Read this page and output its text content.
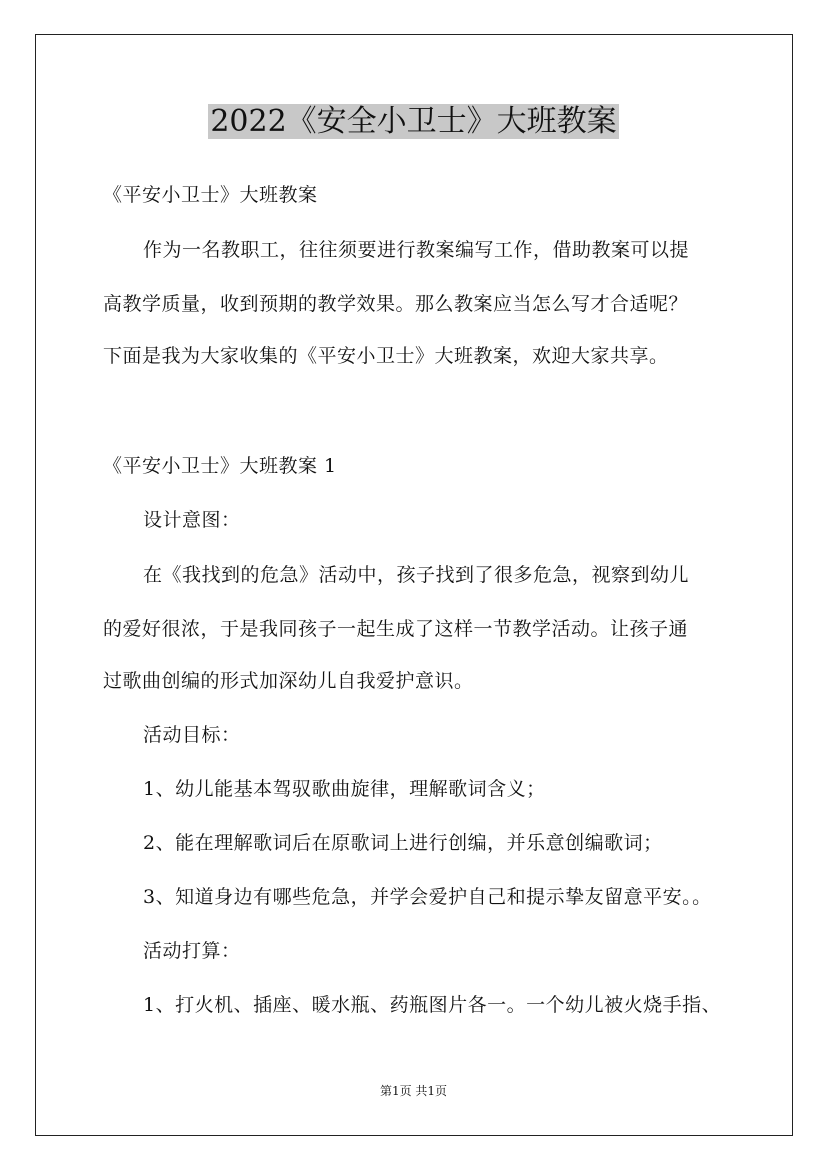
2022《安全小卫士》大班教案
《平安小卫士》大班教案
作为一名教职工，往往须要进行教案编写工作，借助教案可以提
高教学质量，收到预期的教学效果。那么教案应当怎么写才合适呢？
下面是我为大家收集的《平安小卫士》大班教案，欢迎大家共享。
《平安小卫士》大班教案 1
设计意图：
在《我找到的危急》活动中，孩子找到了很多危急，视察到幼儿
的爱好很浓，于是我同孩子一起生成了这样一节教学活动。让孩子通
过歌曲创编的形式加深幼儿自我爱护意识。
活动目标：
1、幼儿能基本驾驭歌曲旋律，理解歌词含义；
2、能在理解歌词后在原歌词上进行创编，并乐意创编歌词；
3、知道身边有哪些危急，并学会爱护自己和提示挚友留意平安。。
活动打算：
1、打火机、插座、暖水瓶、药瓶图片各一。一个幼儿被火烧手指、
第1页 共1页
